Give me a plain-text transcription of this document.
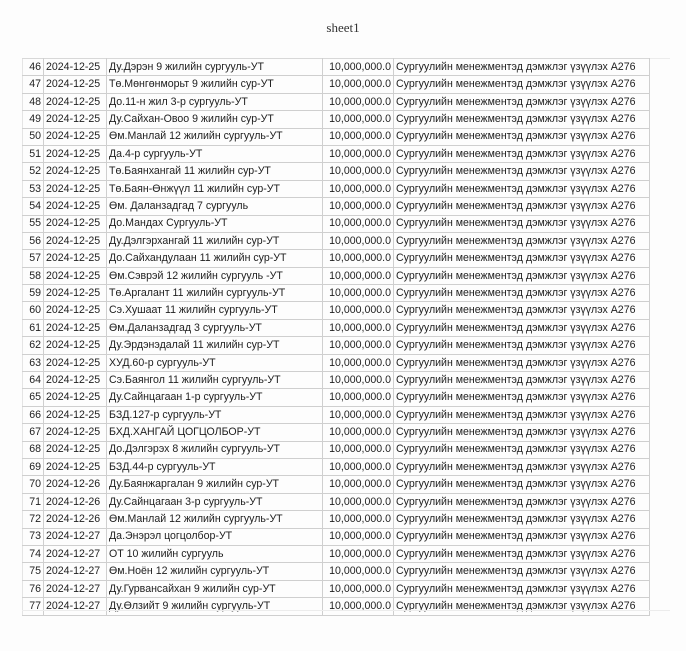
sheet1
46	2024-12-25	Ду.Дэрэн 9 жилийн сургууль-УТ	10,000,000.0	Сургуулийн менежментэд дэмжлэг үзүүлэх А276
47	2024-12-25	Тө.Мөнгөнморьт 9 жилийн сур-УТ	10,000,000.0	Сургуулийн менежментэд дэмжлэг үзүүлэх А276
48	2024-12-25	До.11-н жил 3-р сургууль-УТ	10,000,000.0	Сургуулийн менежментэд дэмжлэг үзүүлэх А276
49	2024-12-25	Ду.Сайхан-Овоо 9 жилийн сур-УТ	10,000,000.0	Сургуулийн менежментэд дэмжлэг үзүүлэх А276
50	2024-12-25	Өм.Манлай 12 жилийн сургууль-УТ	10,000,000.0	Сургуулийн менежментэд дэмжлэг үзүүлэх А276
51	2024-12-25	Да.4-р сургууль-УТ	10,000,000.0	Сургуулийн менежментэд дэмжлэг үзүүлэх А276
52	2024-12-25	Тө.Баянхангай 11 жилийн сур-УТ	10,000,000.0	Сургуулийн менежментэд дэмжлэг үзүүлэх А276
53	2024-12-25	Тө.Баян-Өнжүүл 11 жилийн сур-УТ	10,000,000.0	Сургуулийн менежментэд дэмжлэг үзүүлэх А276
54	2024-12-25	Өм. Даланзадгад 7 сургууль	10,000,000.0	Сургуулийн менежментэд дэмжлэг үзүүлэх А276
55	2024-12-25	До.Мандах Сургууль-УТ	10,000,000.0	Сургуулийн менежментэд дэмжлэг үзүүлэх А276
56	2024-12-25	Ду.Дэлгэрхангай 11 жилийн сур-УТ	10,000,000.0	Сургуулийн менежментэд дэмжлэг үзүүлэх А276
57	2024-12-25	До.Сайхандулаан 11 жилийн сур-УТ	10,000,000.0	Сургуулийн менежментэд дэмжлэг үзүүлэх А276
58	2024-12-25	Өм.Сэврэй 12 жилийн сургууль -УТ	10,000,000.0	Сургуулийн менежментэд дэмжлэг үзүүлэх А276
59	2024-12-25	Тө.Аргалант 11 жилийн сургууль-УТ	10,000,000.0	Сургуулийн менежментэд дэмжлэг үзүүлэх А276
60	2024-12-25	Сэ.Хушаат 11 жилийн сургууль-УТ	10,000,000.0	Сургуулийн менежментэд дэмжлэг үзүүлэх А276
61	2024-12-25	Өм.Даланзадгад 3 сургууль-УТ	10,000,000.0	Сургуулийн менежментэд дэмжлэг үзүүлэх А276
62	2024-12-25	Ду.Эрдэнэдалай 11 жилийн сур-УТ	10,000,000.0	Сургуулийн менежментэд дэмжлэг үзүүлэх А276
63	2024-12-25	ХУД.60-р сургууль-УТ	10,000,000.0	Сургуулийн менежментэд дэмжлэг үзүүлэх А276
64	2024-12-25	Сэ.Баянгол 11 жилийн сургууль-УТ	10,000,000.0	Сургуулийн менежментэд дэмжлэг үзүүлэх А276
65	2024-12-25	Ду.Сайнцагаан 1-р сургууль-УТ	10,000,000.0	Сургуулийн менежментэд дэмжлэг үзүүлэх А276
66	2024-12-25	БЗД.127-р сургууль-УТ	10,000,000.0	Сургуулийн менежментэд дэмжлэг үзүүлэх А276
67	2024-12-25	БХД.ХАНГАЙ ЦОГЦОЛБОР-УТ	10,000,000.0	Сургуулийн менежментэд дэмжлэг үзүүлэх А276
68	2024-12-25	До.Дэлгэрэх 8 жилийн сургууль-УТ	10,000,000.0	Сургуулийн менежментэд дэмжлэг үзүүлэх А276
69	2024-12-25	БЗД.44-р сургууль-УТ	10,000,000.0	Сургуулийн менежментэд дэмжлэг үзүүлэх А276
70	2024-12-26	Ду.Баянжаргалан 9 жилийн сур-УТ	10,000,000.0	Сургуулийн менежментэд дэмжлэг үзүүлэх А276
71	2024-12-26	Ду.Сайнцагаан 3-р сургууль-УТ	10,000,000.0	Сургуулийн менежментэд дэмжлэг үзүүлэх А276
72	2024-12-26	Өм.Манлай 12 жилийн сургууль-УТ	10,000,000.0	Сургуулийн менежментэд дэмжлэг үзүүлэх А276
73	2024-12-27	Да.Энэрэл цогцолбор-УТ	10,000,000.0	Сургуулийн менежментэд дэмжлэг үзүүлэх А276
74	2024-12-27	ОТ 10 жилийн сургууль	10,000,000.0	Сургуулийн менежментэд дэмжлэг үзүүлэх А276
75	2024-12-27	Өм.Ноён 12 жилийн сургууль-УТ	10,000,000.0	Сургуулийн менежментэд дэмжлэг үзүүлэх А276
76	2024-12-27	Ду.Гурвансайхан 9 жилийн сур-УТ	10,000,000.0	Сургуулийн менежментэд дэмжлэг үзүүлэх А276
77	2024-12-27	Ду.Өлзийт 9 жилийн сургууль-УТ	10,000,000.0	Сургуулийн менежментэд дэмжлэг үзүүлэх А276
